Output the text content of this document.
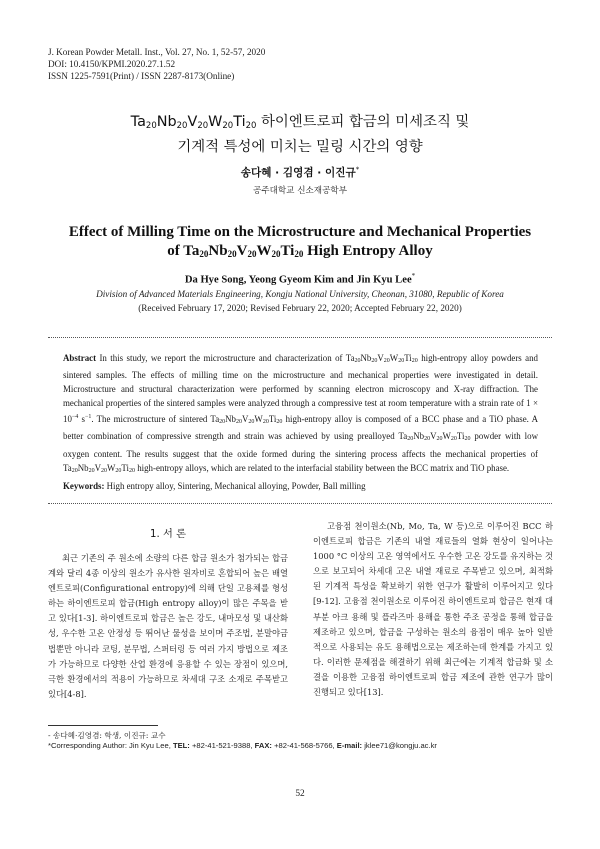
J. Korean Powder Metall. Inst., Vol. 27, No. 1, 52-57, 2020
DOI: 10.4150/KPMI.2020.27.1.52
ISSN 1225-7591(Print) / ISSN 2287-8173(Online)
$Ta_{20}Nb_{20}V_{20}W_{20}Ti_{20}$ 하이엔트로피 합금의 미세조직 및
기계적 특성에 미치는 밀링 시간의 영향
송다혜 · 김영겸 · 이진규*
공주대학교 신소재공학부
Effect of Milling Time on the Microstructure and Mechanical Properties
of $Ta_{20}Nb_{20}V_{20}W_{20}Ti_{20}$ High Entropy Alloy
Da Hye Song, Yeong Gyeom Kim and Jin Kyu Lee*
Division of Advanced Materials Engineering, Kongju National University, Cheonan, 31080, Republic of Korea
(Received February 17, 2020; Revised February 22, 2020; Accepted February 22, 2020)
Abstract In this study, we report the microstructure and characterization of $Ta_{20}Nb_{20}V_{20}W_{20}Ti_{20}$ high-entropy alloy powders and sintered samples. The effects of milling time on the microstructure and mechanical properties were investigated in detail. Microstructure and structural characterization were performed by scanning electron microscopy and X-ray diffraction. The mechanical properties of the sintered samples were analyzed through a compressive test at room temperature with a strain rate of $1 \times 10^{-4}$ $s^{-1}$. The microstructure of sintered $Ta_{20}Nb_{20}V_{20}W_{20}Ti_{20}$ high-entropy alloy is composed of a BCC phase and a TiO phase. A better combination of compressive strength and strain was achieved by using prealloyed $Ta_{20}Nb_{20}V_{20}W_{20}Ti_{20}$ powder with low oxygen content. The results suggest that the oxide formed during the sintering process affects the mechanical properties of $Ta_{20}Nb_{20}V_{20}W_{20}Ti_{20}$ high-entropy alloys, which are related to the interfacial stability between the BCC matrix and TiO phase.
Keywords: High entropy alloy, Sintering, Mechanical alloying, Powder, Ball milling
1. 서 론
최근 기존의 주 원소에 소량의 다른 합금 원소가 첨가되는 합금계와 달리 4종 이상의 원소가 유사한 원자비로 혼합되어 높은 배열 엔트로피(Configurational entropy)에 의해 단일 고용체를 형성하는 하이엔트로피 합금(High entropy alloy)이 많은 주목을 받고 있다[1-3]. 하이엔트로피 합금은 높은 강도, 내마모성 및 내산화성, 우수한 고온 안정성 등 뛰어난 물성을 보이며 주조법, 분말야금법뿐만 아니라 코팅, 분무법, 스퍼터링 등 여러 가지 방법으로 제조가 가능하므로 다양한 산업 환경에 응용할 수 있는 장점이 있으며, 극한 환경에서의 적용이 가능하므로 차세대 구조 소재로 주목받고 있다[4-8].
고융점 천이원소(Nb, Mo, Ta, W 등)으로 이루어진 BCC 하이엔트로피 합금은 기존의 내열 재료들의 열화 현상이 일어나는 1000 °C 이상의 고온 영역에서도 우수한 고온 강도를 유지하는 것으로 보고되어 차세대 고온 내열 재료로 주목받고 있으며, 최적화된 기계적 특성을 확보하기 위한 연구가 활발히 이루어지고 있다[9-12]. 고융점 천이원소로 이루어진 하이엔트로피 합금은 현재 대부분 아크 용해 및 플라즈마 용해을 통한 주조 공정을 통해 합금을 제조하고 있으며, 합금을 구성하는 원소의 융점이 매우 높아 일반적으로 사용되는 유도 용해법으로는 제조하는데 한계를 가지고 있다. 이러한 문제점을 해결하기 위해 최근에는 기계적 합금화 및 소결을 이용한 고융점 하이엔트로피 합금 제조에 관한 연구가 많이 진행되고 있다[13].
- 송다혜·김영겸: 학생, 이진규: 교수
*Corresponding Author: Jin Kyu Lee, TEL: +82-41-521-9388, FAX: +82-41-568-5766, E-mail: jklee71@kongju.ac.kr
52
